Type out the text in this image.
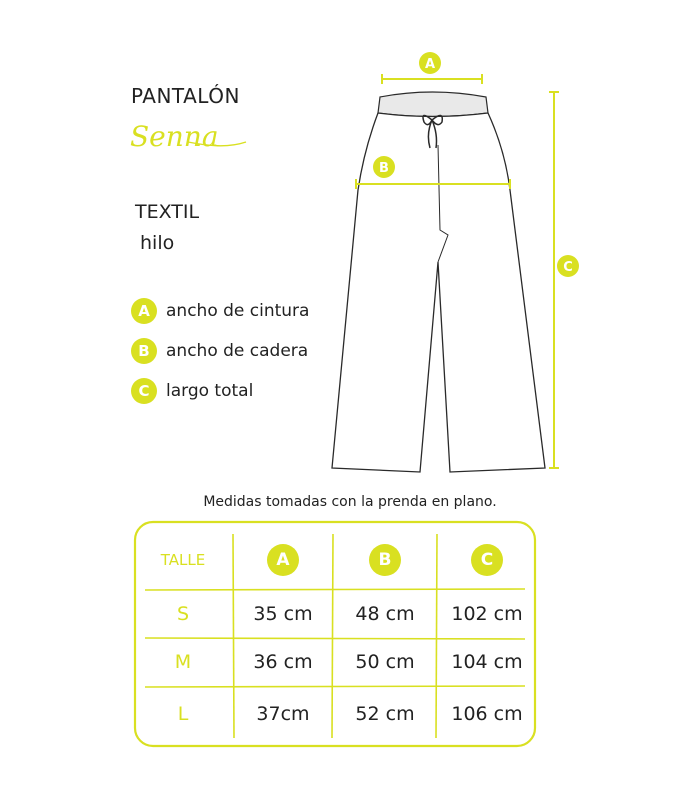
PANTALÓN
Senna
TEXTIL
hilo
A ancho de cintura
B ancho de cadera
C largo total
A
B
C
Medidas tomadas con la prenda en plano.
TALLE	A	B	C
S	35 cm	48 cm	102 cm
M	36 cm	50 cm	104 cm
L	37cm	52 cm	106 cm
